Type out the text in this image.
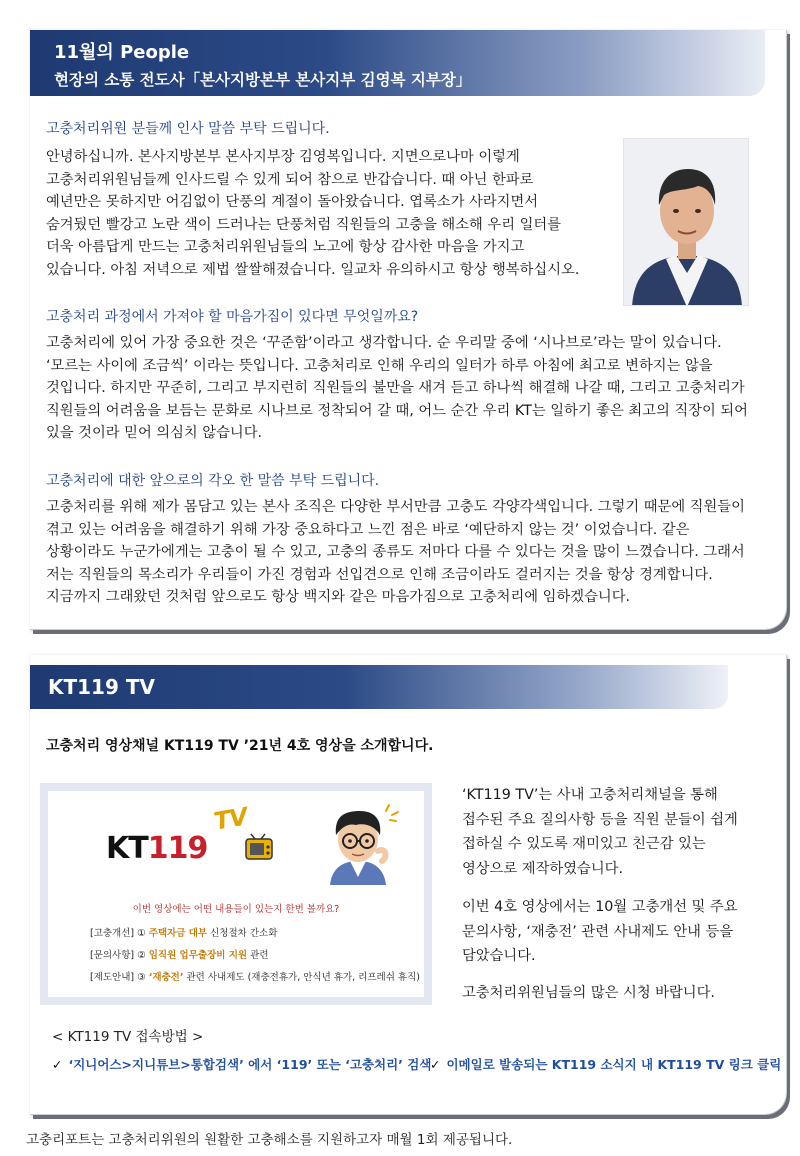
11월의 People
현장의 소통 전도사「본사지방본부 본사지부 김영복 지부장」
고충처리위원 분들께 인사 말씀 부탁 드립니다.
안녕하십니까. 본사지방본부 본사지부장 김영복입니다. 지면으로나마 이렇게
고충처리위원님들께 인사드릴 수 있게 되어 참으로 반갑습니다. 때 아닌 한파로
예년만은 못하지만 어김없이 단풍의 계절이 돌아왔습니다. 엽록소가 사라지면서
숨겨뒀던 빨강고 노란 색이 드러나는 단풍처럼 직원들의 고충을 해소해 우리 일터를
더욱 아름답게 만드는 고충처리위원님들의 노고에 항상 감사한 마음을 가지고
있습니다. 아침 저녁으로 제법 쌀쌀해졌습니다. 일교차 유의하시고 항상 행복하십시오.
고충처리 과정에서 가져야 할 마음가짐이 있다면 무엇일까요?
고충처리에 있어 가장 중요한 것은 ‘꾸준함’이라고 생각합니다. 순 우리말 중에 ‘시나브로’라는 말이 있습니다.
‘모르는 사이에 조금씩’ 이라는 뜻입니다. 고충처리로 인해 우리의 일터가 하루 아침에 최고로 변하지는 않을
것입니다. 하지만 꾸준히, 그리고 부지런히 직원들의 불만을 새겨 듣고 하나씩 해결해 나갈 때, 그리고 고충처리가
직원들의 어려움을 보듬는 문화로 시나브로 정착되어 갈 때, 어느 순간 우리 KT는 일하기 좋은 최고의 직장이 되어
있을 것이라 믿어 의심치 않습니다.
고충처리에 대한 앞으로의 각오 한 말씀 부탁 드립니다.
고충처리를 위해 제가 몸담고 있는 본사 조직은 다양한 부서만큼 고충도 각양각색입니다. 그렇기 때문에 직원들이
겪고 있는 어려움을 해결하기 위해 가장 중요하다고 느낀 점은 바로 ‘예단하지 않는 것’ 이었습니다. 같은
상황이라도 누군가에게는 고충이 될 수 있고, 고충의 종류도 저마다 다를 수 있다는 것을 많이 느꼈습니다. 그래서
저는 직원들의 목소리가 우리들이 가진 경험과 선입견으로 인해 조금이라도 걸러지는 것을 항상 경계합니다.
지금까지 그래왔던 것처럼 앞으로도 항상 백지와 같은 마음가짐으로 고충처리에 임하겠습니다.
KT119 TV
고충처리 영상채널 KT119 TV ’21년 4호 영상을 소개합니다.
KT119
TV
이번 영상에는 어떤 내용들이 있는지 한번 볼까요?
[고충개선] ① 주택자금 대부 신청절차 간소화
[문의사항] ② 임직원 업무출장비 지원 관련
[제도안내] ③ ‘재충전’ 관련 사내제도 (재충전휴가, 안식년 휴가, 리프레쉬 휴직)
‘KT119 TV’는 사내 고충처리채널을 통해
접수된 주요 질의사항 등을 직원 분들이 쉽게
접하실 수 있도록 재미있고 친근감 있는
영상으로 제작하였습니다.
이번 4호 영상에서는 10월 고충개선 및 주요
문의사항, ‘재충전’ 관련 사내제도 안내 등을
담았습니다.
고충처리위원님들의 많은 시청 바랍니다.
< KT119 TV 접속방법 >
✓ ‘지니어스>지니튜브>통합검색’ 에서 ‘119’ 또는 ‘고충처리’ 검색
✓ 이메일로 발송되는 KT119 소식지 내 KT119 TV 링크 클릭
고충리포트는 고충처리위원의 원활한 고충해소를 지원하고자 매월 1회 제공됩니다.
